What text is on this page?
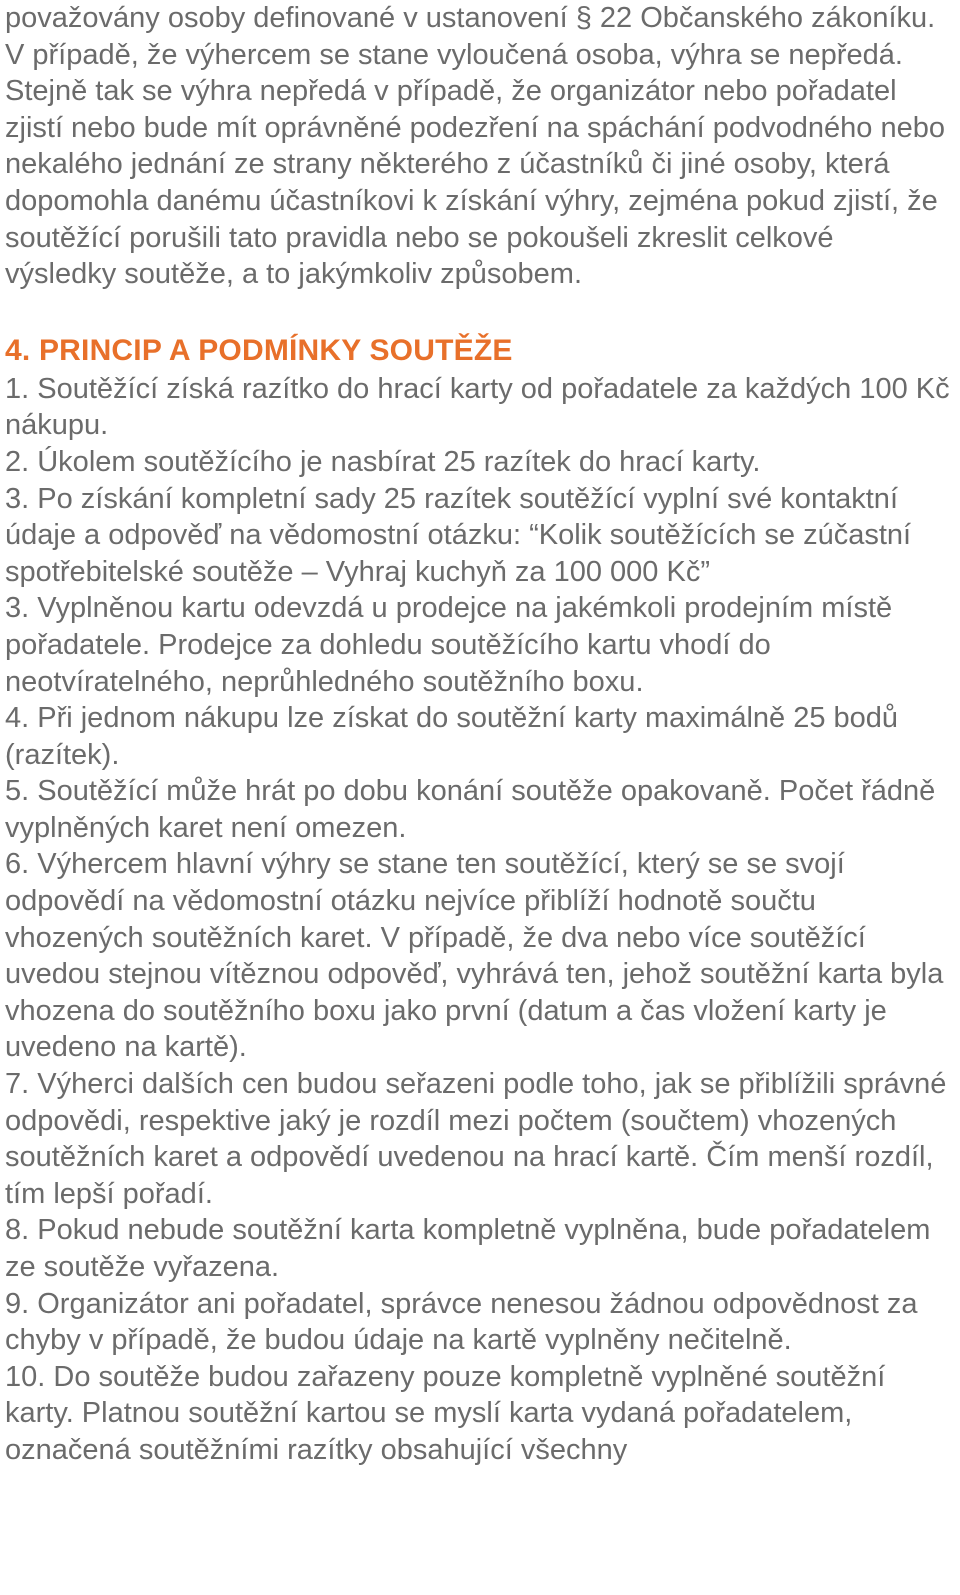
považovány osoby definované v ustanovení § 22 Občanského zákoníku. V případě, že výhercem se stane vyloučená osoba, výhra se nepředá. Stejně tak se výhra nepředá v případě, že organizátor nebo pořadatel zjistí nebo bude mít oprávněné podezření na spáchání podvodného nebo nekalého jednání ze strany některého z účastníků či jiné osoby, která dopomohla danému účastníkovi k získání výhry, zejména pokud zjistí, že soutěžící porušili tato pravidla nebo se pokoušeli zkreslit celkové výsledky soutěže, a to jakýmkoliv způsobem.

4. PRINCIP A PODMÍNKY SOUTĚŽE
1. Soutěžící získá razítko do hrací karty od pořadatele za každých 100 Kč nákupu.
2. Úkolem soutěžícího je nasbírat 25 razítek do hrací karty.
3. Po získání kompletní sady 25 razítek soutěžící vyplní své kontaktní údaje a odpověď na vědomostní otázku: “Kolik soutěžících se zúčastní spotřebitelské soutěže – Vyhraj kuchyň za 100 000 Kč”
3. Vyplněnou kartu odevzdá u prodejce na jakémkoli prodejním místě pořadatele. Prodejce za dohledu soutěžícího kartu vhodí do neotvíratelného, neprůhledného soutěžního boxu.
4. Při jednom nákupu lze získat do soutěžní karty maximálně 25 bodů (razítek).
5. Soutěžící může hrát po dobu konání soutěže opakovaně. Počet řádně vyplněných karet není omezen.
6. Výhercem hlavní výhry se stane ten soutěžící, který se se svojí odpovědí na vědomostní otázku nejvíce přiblíží hodnotě součtu vhozených soutěžních karet. V případě, že dva nebo více soutěžící uvedou stejnou vítěznou odpověď, vyhrává ten, jehož soutěžní karta byla vhozena do soutěžního boxu jako první (datum a čas vložení karty je uvedeno na kartě).
7. Výherci dalších cen budou seřazeni podle toho, jak se přiblížili správné odpovědi, respektive jaký je rozdíl mezi počtem (součtem) vhozených soutěžních karet a odpovědí uvedenou na hrací kartě. Čím menší rozdíl, tím lepší pořadí.
8. Pokud nebude soutěžní karta kompletně vyplněna, bude pořadatelem ze soutěže vyřazena.
9. Organizátor ani pořadatel, správce nenesou žádnou odpovědnost za chyby v případě, že budou údaje na kartě vyplněny nečitelně.
10. Do soutěže budou zařazeny pouze kompletně vyplněné soutěžní karty. Platnou soutěžní kartou se myslí karta vydaná pořadatelem, označená soutěžními razítky obsahující všechny
